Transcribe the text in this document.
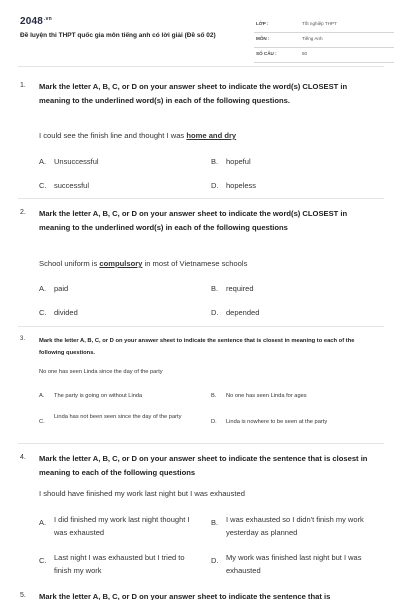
$2048^{.vn}$
Đề luyện thi THPT quốc gia môn tiếng anh có lời giải (Đề số 02)
LỚP :	Tốt nghiệp THPT
MÔN :	Tiếng Anh
SỐ CÂU :	50
1. Mark the letter A, B, C, or D on your answer sheet to indicate the word(s) CLOSEST in meaning to the underlined word(s) in each of the following questions.
I could see the finish line and thought I was home and dry
A. Unsuccessful	B. hopeful
C. successful	D. hopeless
2. Mark the letter A, B, C, or D on your answer sheet to indicate the word(s) CLOSEST in meaning to the underlined word(s) in each of the following questions
School uniform is compulsory in most of Vietnamese schools
A. paid	B. required
C. divided	D. depended
3. Mark the letter A, B, C, or D on your answer sheet to indicate the sentence that is closest in meaning to each of the following questions.
No one has seen Linda since the day of the party
A. The party is going on without Linda	B. No one has seen Linda for ages
C.
Linda has not been seen since the day of the party
D. Linda is nowhere to be seen at the party
4. Mark the letter A, B, C, or D on your answer sheet to indicate the sentence that is closest in meaning to each of the following questions
I should have finished my work last night but I was exhausted
A. I did finished my work last night thought I was exhausted
B. I was exhausted so I didn't finish my work yesterday as planned
C. Last night I was exhausted but I tried to finish my work
D. My work was finished last night but I was exhausted
5. Mark the letter A, B, C, or D on your answer sheet to indicate the sentence that is
